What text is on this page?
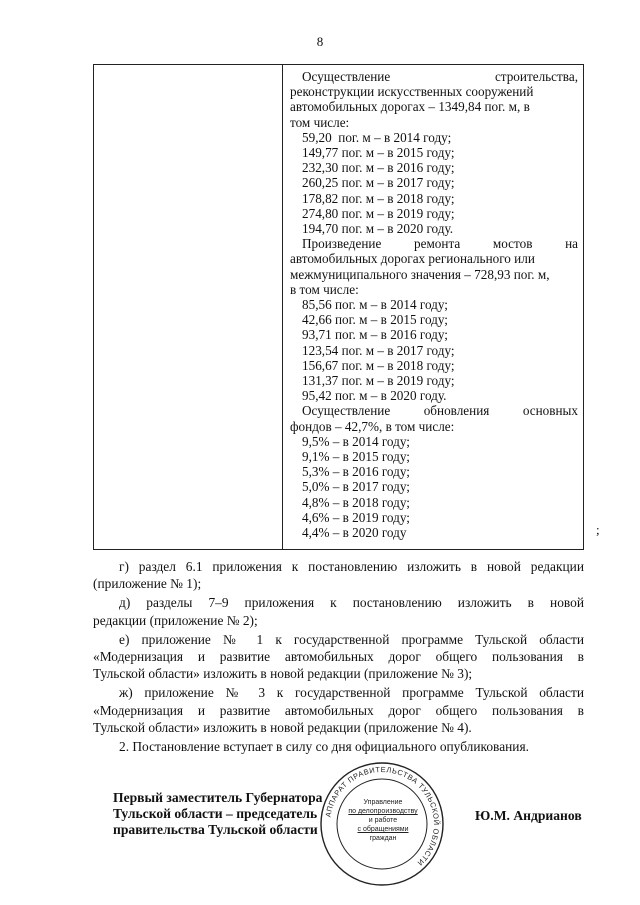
8
Осуществление	строительства,
реконструкции искусственных сооружений
автомобильных дорогах – 1349,84 пог. м, в
том числе:
59,20  пог. м – в 2014 году;
149,77 пог. м – в 2015 году;
232,30 пог. м – в 2016 году;
260,25 пог. м – в 2017 году;
178,82 пог. м – в 2018 году;
274,80 пог. м – в 2019 году;
194,70 пог. м – в 2020 году.
Произведение ремонта мостов на
автомобильных дорогах регионального или
межмуниципального значения – 728,93 пог. м,
в том числе:
85,56 пог. м – в 2014 году;
42,66 пог. м – в 2015 году;
93,71 пог. м – в 2016 году;
123,54 пог. м – в 2017 году;
156,67 пог. м – в 2018 году;
131,37 пог. м – в 2019 году;
95,42 пог. м – в 2020 году.
Осуществление	обновления	основных
фондов – 42,7%, в том числе:
9,5% – в 2014 году;
9,1% – в 2015 году;
5,3% – в 2016 году;
5,0% – в 2017 году;
4,8% – в 2018 году;
4,6% – в 2019 году;
4,4% – в 2020 году	;
г) раздел 6.1 приложения к постановлению изложить в новой редакции
(приложение № 1);
д) разделы 7–9 приложения к постановлению изложить в новой
редакции (приложение № 2);
е) приложение № 1 к государственной программе Тульской области
«Модернизация и развитие автомобильных дорог общего пользования в
Тульской области» изложить в новой редакции (приложение № 3);
ж) приложение № 3 к государственной программе Тульской области
«Модернизация и развитие автомобильных дорог общего пользования в
Тульской области» изложить в новой редакции (приложение № 4).
2. Постановление вступает в силу со дня официального опубликования.
АППАРАТ ПРАВИТЕЛЬСТВА ТУЛЬСКОЙ ОБЛАСТИ
Управление
по делопроизводству
и работе
с обращениями
граждан
Первый заместитель Губернатора
Тульской области – председатель
правительства Тульской области
Ю.М. Андрианов
